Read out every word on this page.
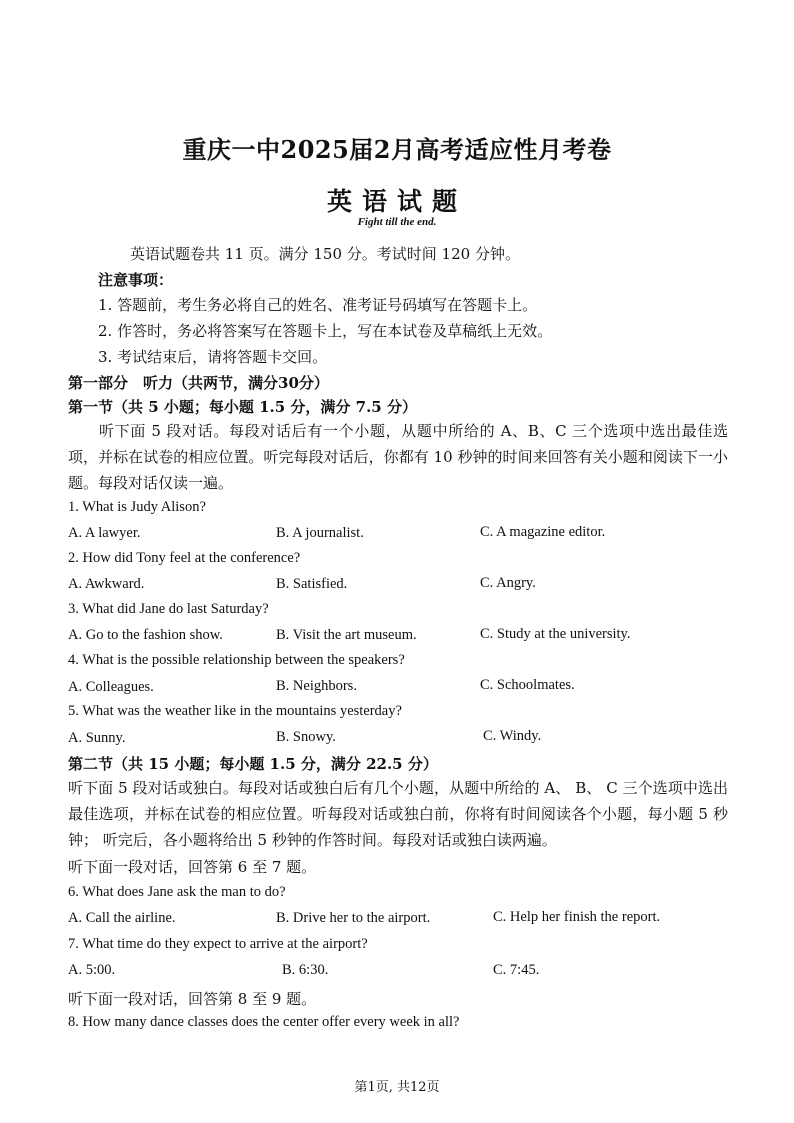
重庆一中2025届2月高考适应性月考卷
英语试题
Fight till the end.
英语试题卷共 11 页。满分 150 分。考试时间 120 分钟。
注意事项：
1. 答题前，考生务必将自己的姓名、准考证号码填写在答题卡上。
2. 作答时，务必将答案写在答题卡上，写在本试卷及草稿纸上无效。
3. 考试结束后，请将答题卡交回。
第一部分　听力（共两节，满分30分）
第一节（共 5 小题；每小题 1.5 分，满分 7.5 分）
听下面 5 段对话。每段对话后有一个小题，从题中所给的 A、B、C 三个选项中选出最佳选项，并标在试卷的相应位置。听完每段对话后，你都有 10 秒钟的时间来回答有关小题和阅读下一小题。每段对话仅读一遍。
1. What is Judy Alison?
A. A lawyer.	B. A journalist.	C. A magazine editor.
2. How did Tony feel at the conference?
A. Awkward.	B. Satisfied.	C. Angry.
3. What did Jane do last Saturday?
A. Go to the fashion show.	B. Visit the art museum.	C. Study at the university.
4. What is the possible relationship between the speakers?
A. Colleagues.	B. Neighbors.	C. Schoolmates.
5. What was the weather like in the mountains yesterday?
A. Sunny.	B. Snowy.	C. Windy.
第二节（共 15 小题；每小题 1.5 分，满分 22.5 分）
听下面 5 段对话或独白。每段对话或独白后有几个小题，从题中所给的 A、 B、 C 三个选项中选出最佳选项，并标在试卷的相应位置。听每段对话或独白前，你将有时间阅读各个小题，每小题 5 秒钟； 听完后，各小题将给出 5 秒钟的作答时间。每段对话或独白读两遍。
听下面一段对话，回答第 6 至 7 题。
6. What does Jane ask the man to do?
A. Call the airline.	B. Drive her to the airport.	C. Help her finish the report.
7. What time do they expect to arrive at the airport?
A. 5:00.	B. 6:30.	C. 7:45.
听下面一段对话，回答第 8 至 9 题。
8. How many dance classes does the center offer every week in all?
第1页, 共12页
